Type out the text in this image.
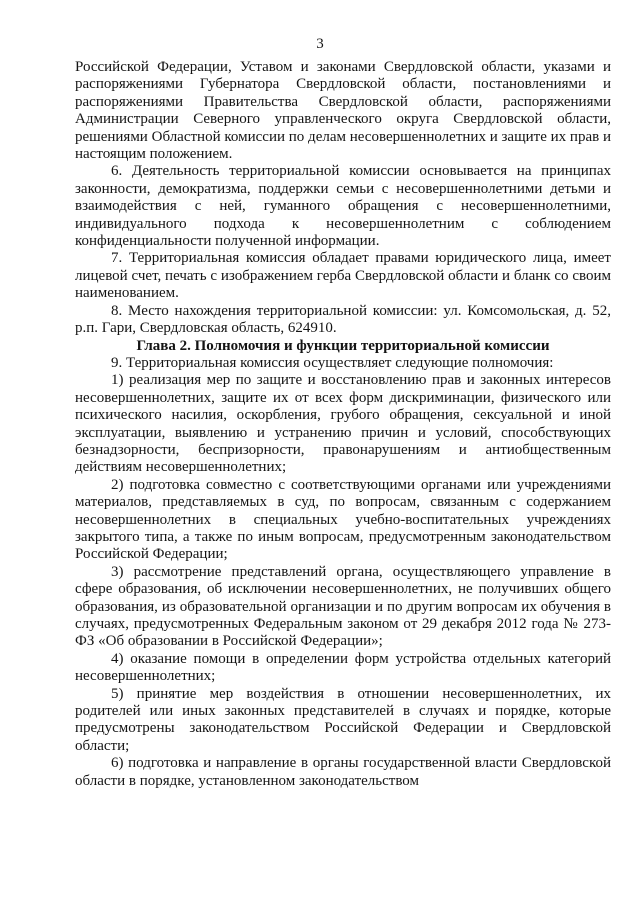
3

Российской Федерации, Уставом и законами Свердловской области, указами и распоряжениями Губернатора Свердловской области, постановлениями и распоряжениями Правительства Свердловской области, распоряжениями Администрации Северного управленческого округа Свердловской области, решениями Областной комиссии по делам несовершеннолетних и защите их прав и настоящим положением.

6. Деятельность территориальной комиссии основывается на принципах законности, демократизма, поддержки семьи с несовершеннолетними детьми и взаимодействия с ней, гуманного обращения с несовершеннолетними, индивидуального подхода к несовершеннолетним с соблюдением конфиденциальности полученной информации.

7. Территориальная комиссия обладает правами юридического лица, имеет лицевой счет, печать с изображением герба Свердловской области и бланк со своим наименованием.

8. Место нахождения территориальной комиссии: ул. Комсомольская, д. 52, р.п. Гари, Свердловская область, 624910.

Глава 2. Полномочия и функции территориальной комиссии

9. Территориальная комиссия осуществляет следующие полномочия:

1) реализация мер по защите и восстановлению прав и законных интересов несовершеннолетних, защите их от всех форм дискриминации, физического или психического насилия, оскорбления, грубого обращения, сексуальной и иной эксплуатации, выявлению и устранению причин и условий, способствующих безнадзорности, беспризорности, правонарушениям и антиобщественным действиям несовершеннолетних;

2) подготовка совместно с соответствующими органами или учреждениями материалов, представляемых в суд, по вопросам, связанным с содержанием несовершеннолетних в специальных учебно-воспитательных учреждениях закрытого типа, а также по иным вопросам, предусмотренным законодательством Российской Федерации;

3) рассмотрение представлений органа, осуществляющего управление в сфере образования, об исключении несовершеннолетних, не получивших общего образования, из образовательной организации и по другим вопросам их обучения в случаях, предусмотренных Федеральным законом от 29 декабря 2012 года № 273-ФЗ «Об образовании в Российской Федерации»;

4) оказание помощи в определении форм устройства отдельных категорий несовершеннолетних;

5) принятие мер воздействия в отношении несовершеннолетних, их родителей или иных законных представителей в случаях и порядке, которые предусмотрены законодательством Российской Федерации и Свердловской области;

6) подготовка и направление в органы государственной власти Свердловской области в порядке, установленном законодательством
